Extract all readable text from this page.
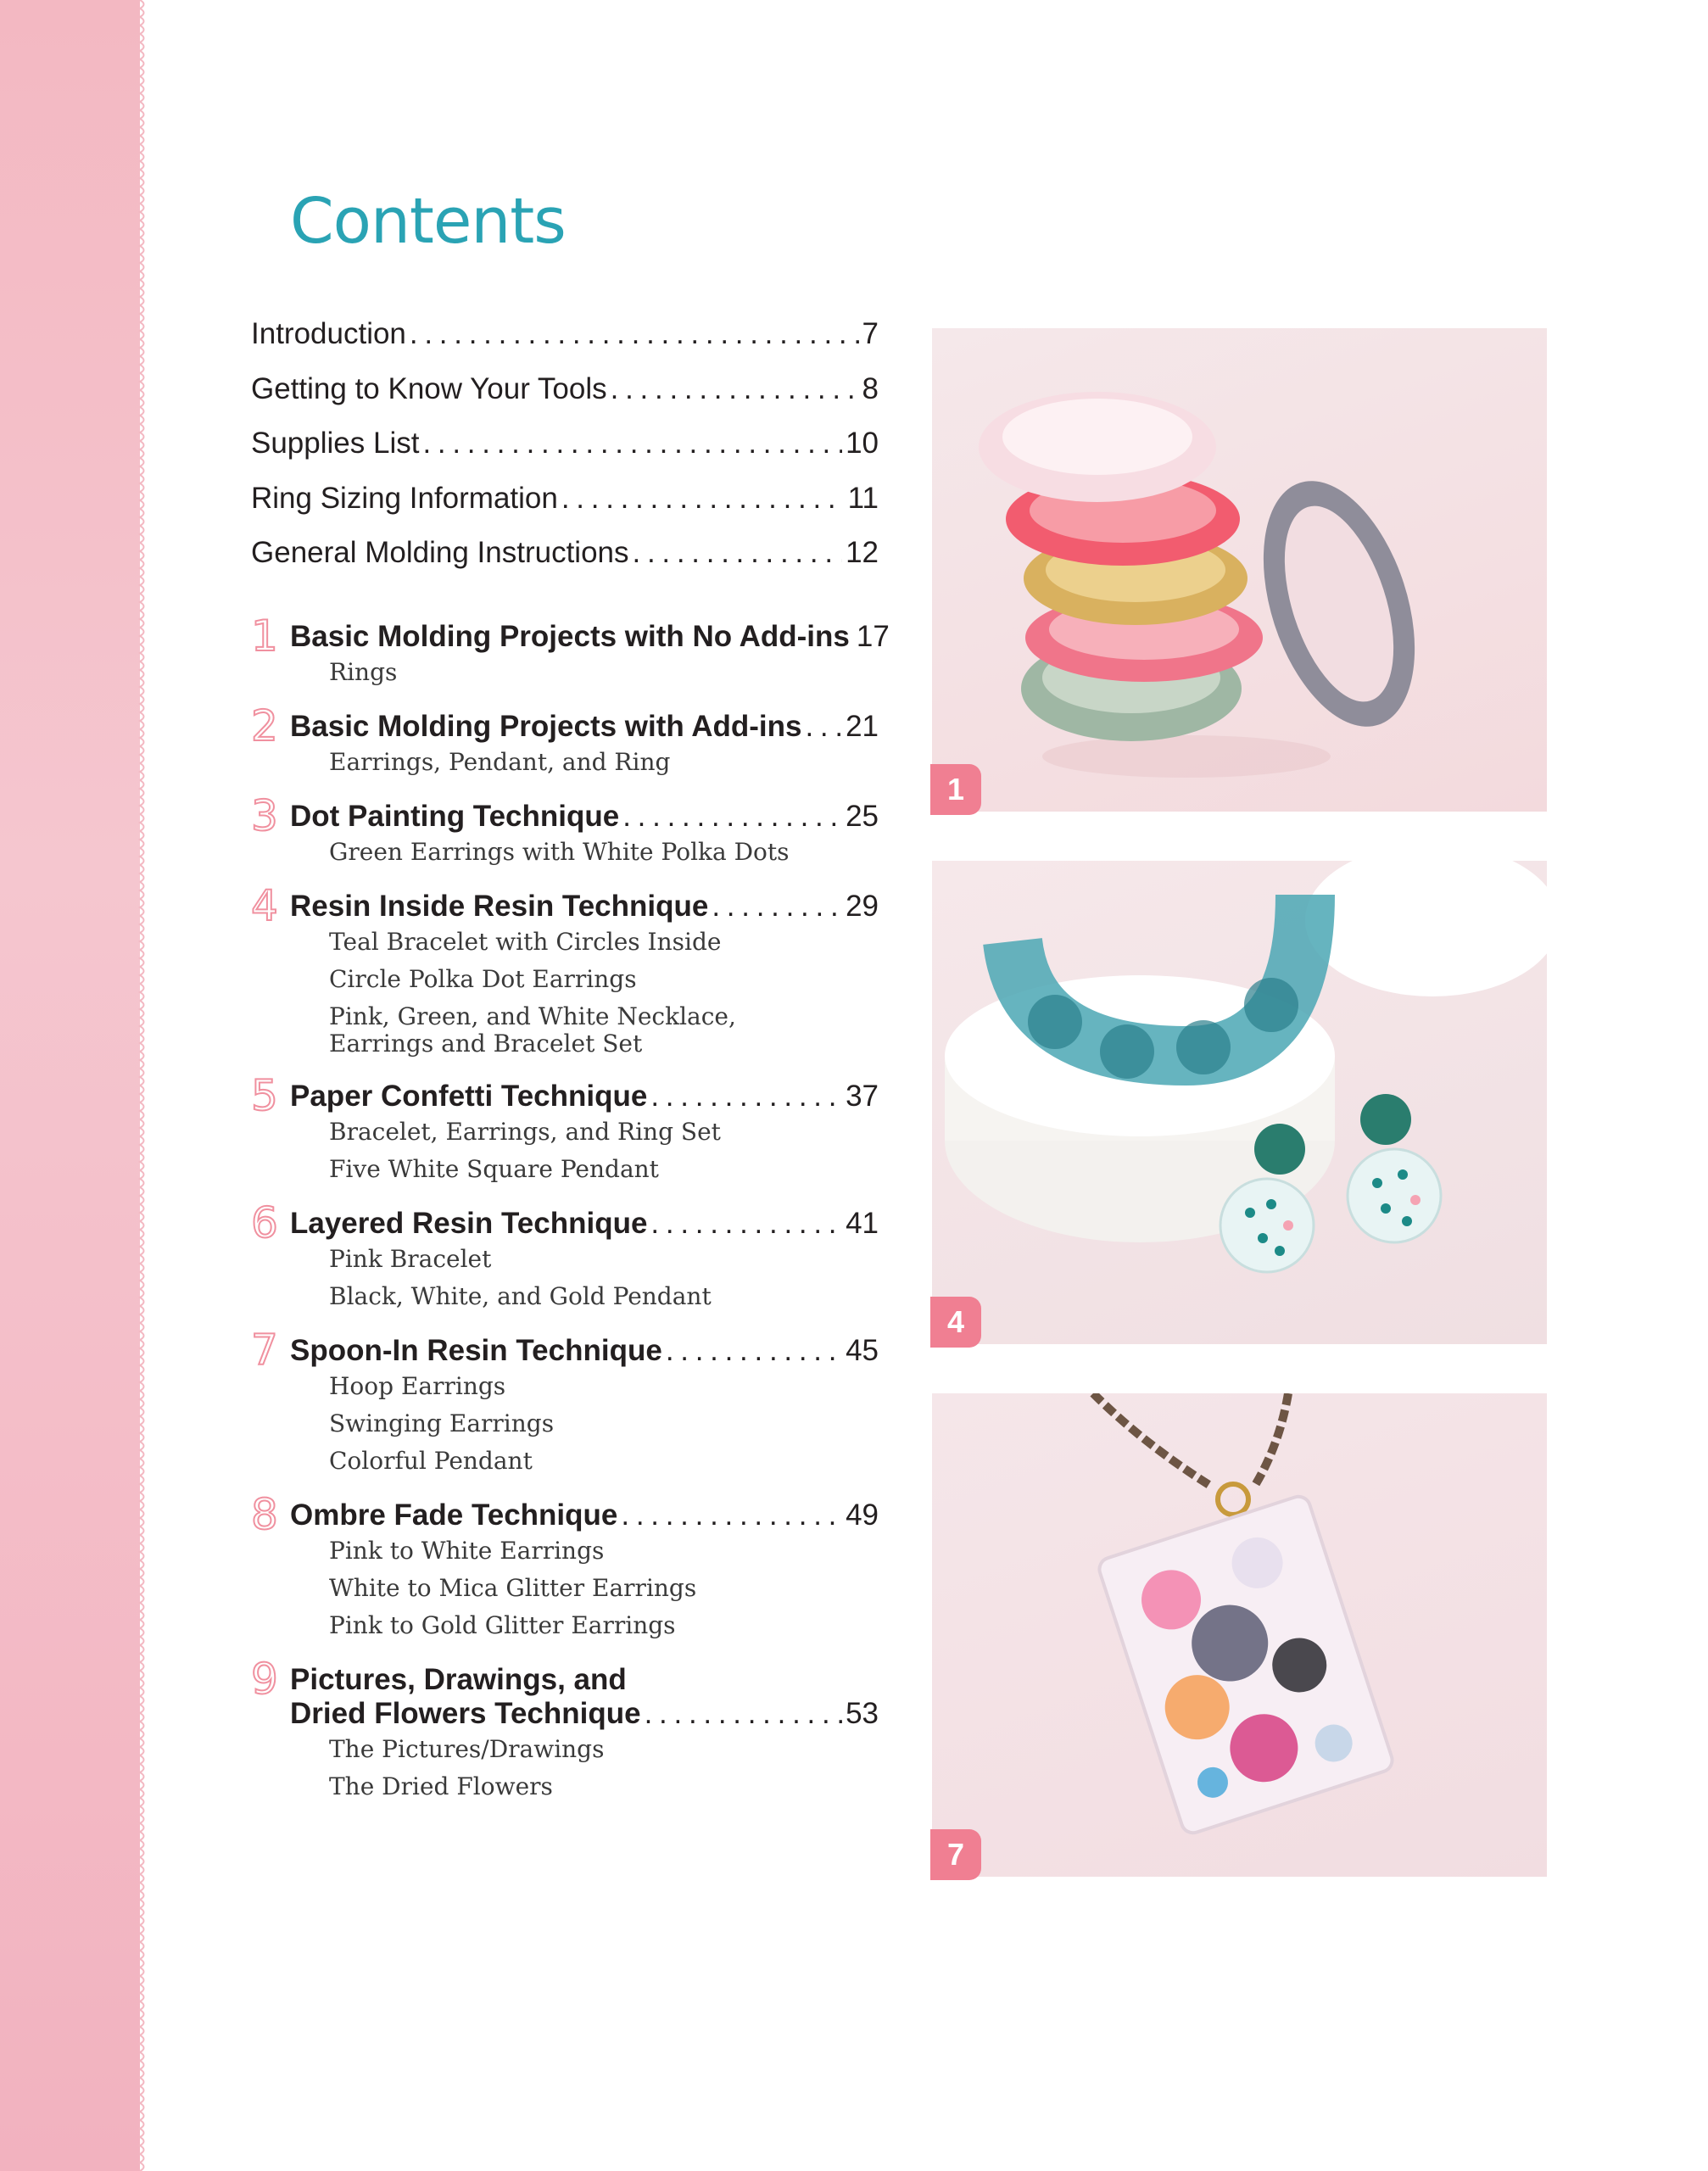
Contents
Introduction . . .	7
Getting to Know Your Tools . . .	8
Supplies List . . .	10
Ring Sizing Information . . .	11
General Molding Instructions . . .	12
1 Basic Molding Projects with No Add-ins 17
Rings
2 Basic Molding Projects with Add-ins . . . 21
Earrings, Pendant, and Ring
3 Dot Painting Technique . . .	25
Green Earrings with White Polka Dots
4 Resin Inside Resin Technique . . .	29
Teal Bracelet with Circles Inside
Circle Polka Dot Earrings
Pink, Green, and White Necklace,
Earrings and Bracelet Set
5 Paper Confetti Technique . . .	37
Bracelet, Earrings, and Ring Set
Five White Square Pendant
6 Layered Resin Technique . . .	41
Pink Bracelet
Black, White, and Gold Pendant
7 Spoon-In Resin Technique . . .	45
Hoop Earrings
Swinging Earrings
Colorful Pendant
8 Ombre Fade Technique . . .	49
Pink to White Earrings
White to Mica Glitter Earrings
Pink to Gold Glitter Earrings
9 Pictures, Drawings, and
Dried Flowers Technique . . .	53
The Pictures/Drawings
The Dried Flowers
1
4
7
